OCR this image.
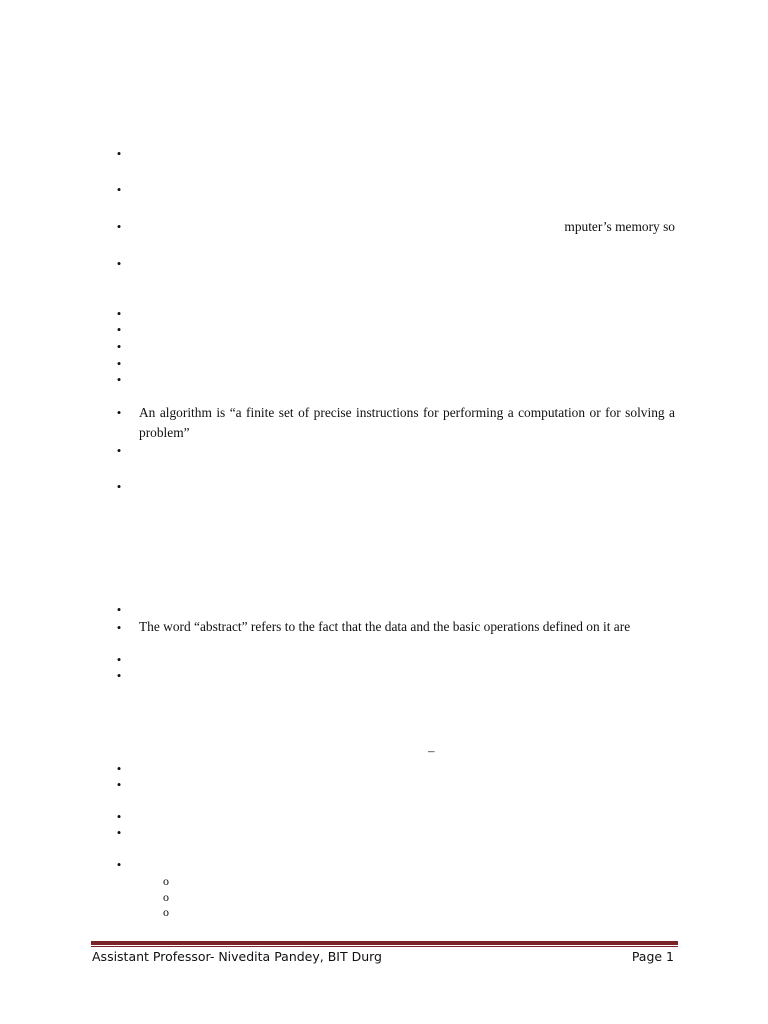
•
•
•	mputer’s memory so
•
•
•
•
•
•
• An algorithm is “a finite set of precise instructions for performing a computation or for solving a problem”
•
•
•
• The word “abstract” refers to the fact that the data and the basic operations defined on it are
•
•
–
•
•
•
•
•
o
o
o
Assistant Professor- Nivedita Pandey, BIT Durg	Page 1
